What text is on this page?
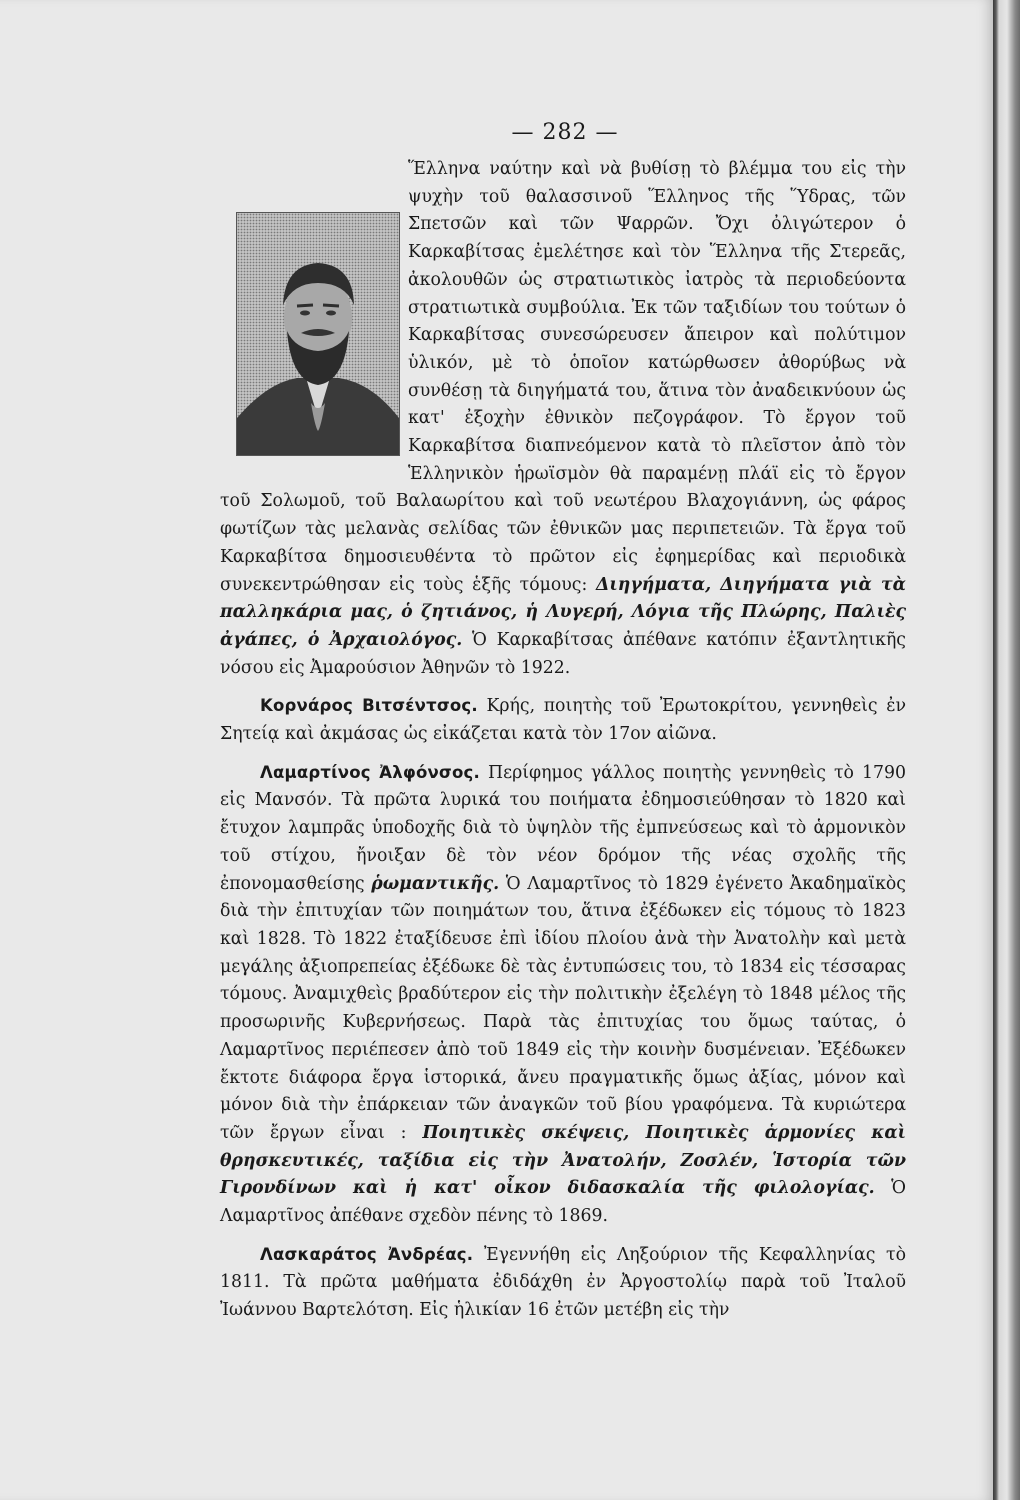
— 282 —

Ἕλληνα ναύτην καὶ νὰ βυθίσῃ τὸ βλέμμα του εἰς τὴν ψυχὴν τοῦ θαλασσινοῦ Ἕλληνος τῆς Ὕδρας, τῶν Σπετσῶν καὶ τῶν Ψαρρῶν. Ὄχι ὀλιγώτερον ὁ Καρκαβίτσας ἐμελέτησε καὶ τὸν Ἕλληνα τῆς Στερεᾶς, ἀκολουθῶν ὡς στρατιωτικὸς ἰατρὸς τὰ περιοδεύοντα στρατιωτικὰ συμβούλια. Ἐκ τῶν ταξιδίων του τούτων ὁ Καρκαβίτσας συνεσώρευσεν ἄπειρον καὶ πολύτιμον ὑλικόν, μὲ τὸ ὁποῖον κατώρθωσεν ἀθορύβως νὰ συνθέσῃ τὰ διηγήματά του, ἅτινα τὸν ἀναδεικνύουν ὡς κατ' ἐξοχὴν ἐθνικὸν πεζογράφον. Τὸ ἔργον τοῦ Καρκαβίτσα διαπνεόμενον κατὰ τὸ πλεῖστον ἀπὸ τὸν Ἑλληνικὸν ἡρωϊσμὸν θὰ παραμένῃ πλάϊ εἰς τὸ ἔργον τοῦ Σολωμοῦ, τοῦ Βαλαωρίτου καὶ τοῦ νεωτέρου Βλαχογιάννη, ὡς φάρος φωτίζων τὰς μελανὰς σελίδας τῶν ἐθνικῶν μας περιπετειῶν. Τὰ ἔργα τοῦ Καρκαβίτσα δημοσιευθέντα τὸ πρῶτον εἰς ἐφημερίδας καὶ περιοδικὰ συνεκεντρώθησαν εἰς τοὺς ἑξῆς τόμους: Διηγήματα, Διηγήματα γιὰ τὰ παλληκάρια μας, ὁ ζητιάνος, ἡ Λυγερή, Λόγια τῆς Πλώρης, Παλιὲς ἀγάπες, ὁ Ἀρχαιολόγος. Ὁ Καρκαβίτσας ἀπέθανε κατόπιν ἐξαντλητικῆς νόσου εἰς Ἀμαρούσιον Ἀθηνῶν τὸ 1922.

Κορνάρος Βιτσέντσος. Κρής, ποιητὴς τοῦ Ἐρωτοκρίτου, γεννηθεὶς ἐν Σητείᾳ καὶ ἀκμάσας ὡς εἰκάζεται κατὰ τὸν 17ον αἰῶνα.

Λαμαρτίνος Ἀλφόνσος. Περίφημος γάλλος ποιητὴς γεννηθεὶς τὸ 1790 εἰς Μανσόν. Τὰ πρῶτα λυρικά του ποιήματα ἐδημοσιεύθησαν τὸ 1820 καὶ ἔτυχον λαμπρᾶς ὑποδοχῆς διὰ τὸ ὑψηλὸν τῆς ἐμπνεύσεως καὶ τὸ ἁρμονικὸν τοῦ στίχου, ἤνοιξαν δὲ τὸν νέον δρόμον τῆς νέας σχολῆς τῆς ἐπονομασθείσης ῥωμαντικῆς. Ὁ Λαμαρτῖνος τὸ 1829 ἐγένετο Ἀκαδημαϊκὸς διὰ τὴν ἐπιτυχίαν τῶν ποιημάτων του, ἅτινα ἐξέδωκεν εἰς τόμους τὸ 1823 καὶ 1828. Τὸ 1822 ἐταξίδευσε ἐπὶ ἰδίου πλοίου ἀνὰ τὴν Ἀνατολὴν καὶ μετὰ μεγάλης ἀξιοπρεπείας ἐξέδωκε δὲ τὰς ἐντυπώσεις του, τὸ 1834 εἰς τέσσαρας τόμους. Ἀναμιχθεὶς βραδύτερον εἰς τὴν πολιτικὴν ἐξελέγη τὸ 1848 μέλος τῆς προσωρινῆς Κυβερνήσεως. Παρὰ τὰς ἐπιτυχίας του ὅμως ταύτας, ὁ Λαμαρτῖνος περιέπεσεν ἀπὸ τοῦ 1849 εἰς τὴν κοινὴν δυσμένειαν. Ἐξέδωκεν ἔκτοτε διάφορα ἔργα ἱστορικά, ἄνευ πραγματικῆς ὅμως ἀξίας, μόνον καὶ μόνον διὰ τὴν ἐπάρκειαν τῶν ἀναγκῶν τοῦ βίου γραφόμενα. Τὰ κυριώτερα τῶν ἔργων εἶναι : Ποιητικὲς σκέψεις, Ποιητικὲς ἁρμονίες καὶ θρησκευτικές, ταξίδια εἰς τὴν Ἀνατολήν, Ζοσλέν, Ἱστορία τῶν Γιρονδίνων καὶ ἡ κατ' οἶκον διδασκαλία τῆς φιλολογίας. Ὁ Λαμαρτῖνος ἀπέθανε σχεδὸν πένης τὸ 1869.

Λασκαράτος Ἀνδρέας. Ἐγεννήθη εἰς Ληξούριον τῆς Κεφαλληνίας τὸ 1811. Τὰ πρῶτα μαθήματα ἐδιδάχθη ἐν Ἀργοστολίῳ παρὰ τοῦ Ἰταλοῦ Ἰωάννου Βαρτελότση. Εἰς ἡλικίαν 16 ἐτῶν μετέβη εἰς τὴν
